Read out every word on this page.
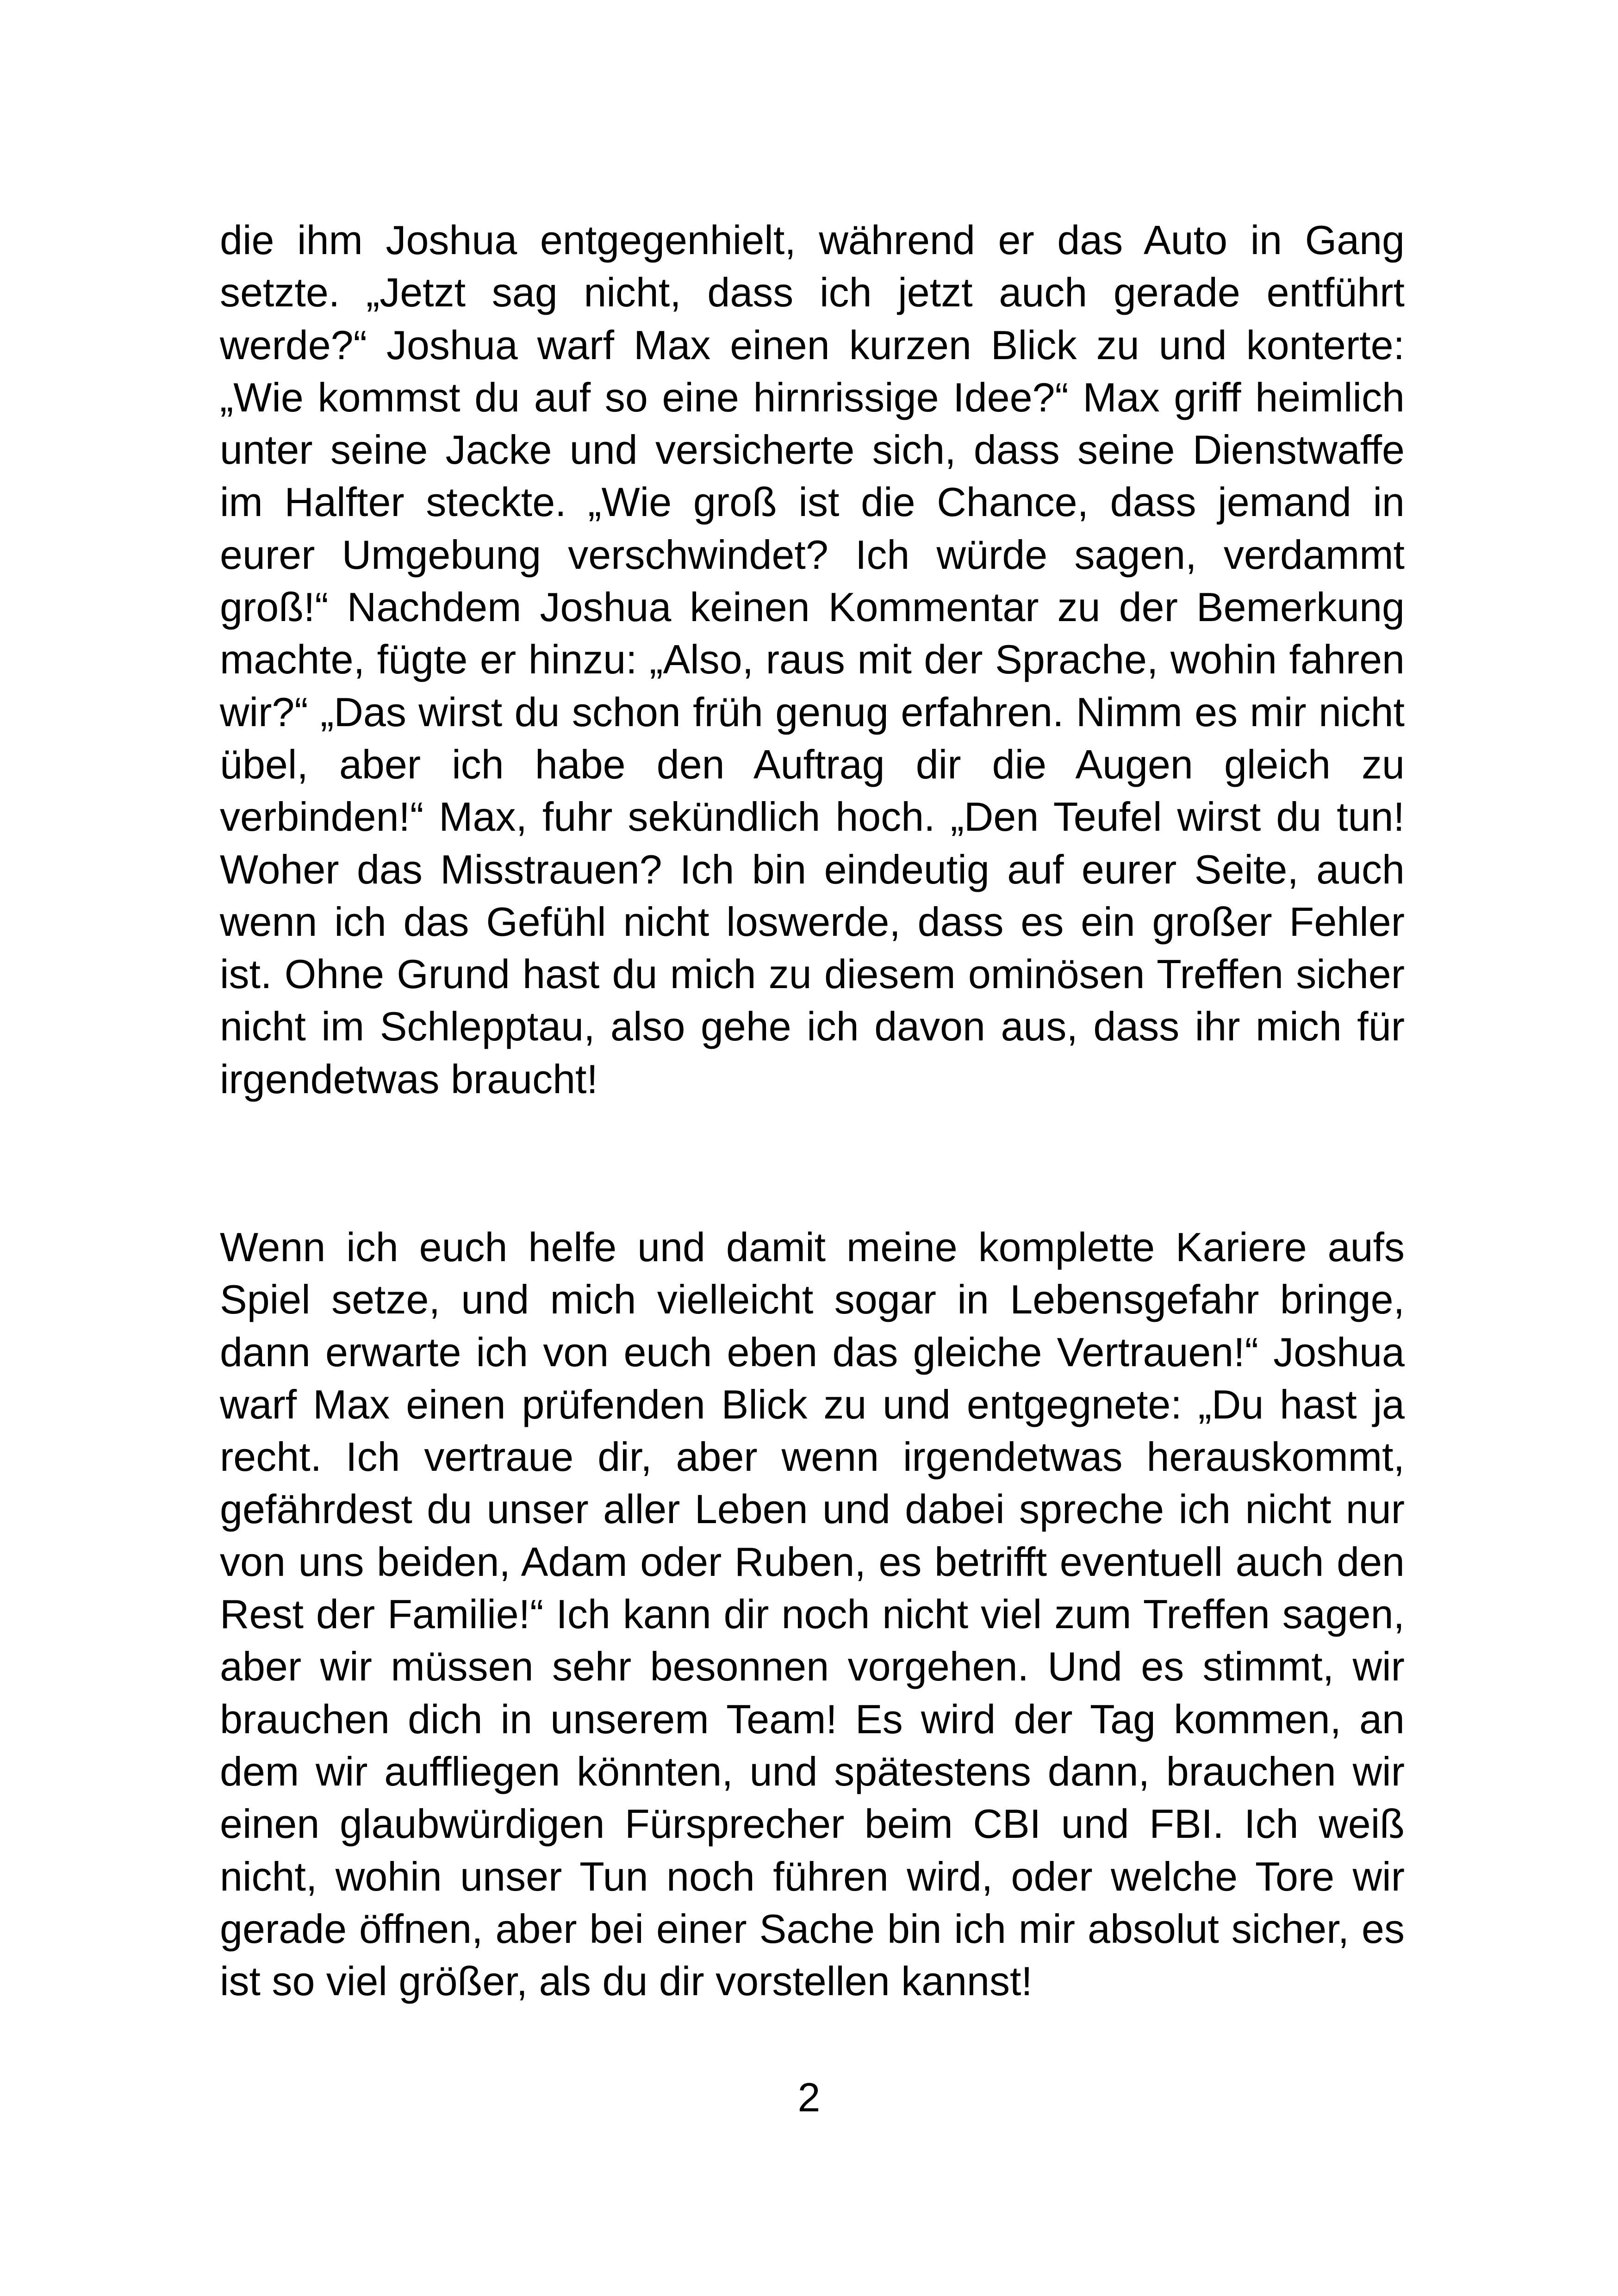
die ihm Joshua entgegenhielt, während er das Auto in Gang setzte. „Jetzt sag nicht, dass ich jetzt auch gerade entführt werde?“ Joshua warf Max einen kurzen Blick zu und konterte: „Wie kommst du auf so eine hirnrissige Idee?“ Max griff heimlich unter seine Jacke und versicherte sich, dass seine Dienstwaffe im Halfter steckte. „Wie groß ist die Chance, dass jemand in eurer Umgebung verschwindet? Ich würde sagen, verdammt groß!“ Nachdem Joshua keinen Kommentar zu der Bemerkung machte, fügte er hinzu: „Also, raus mit der Sprache, wohin fahren wir?“ „Das wirst du schon früh genug erfahren. Nimm es mir nicht übel, aber ich habe den Auftrag dir die Augen gleich zu verbinden!“ Max, fuhr sekündlich hoch. „Den Teufel wirst du tun! Woher das Misstrauen? Ich bin eindeutig auf eurer Seite, auch wenn ich das Gefühl nicht loswerde, dass es ein großer Fehler ist. Ohne Grund hast du mich zu diesem ominösen Treffen sicher nicht im Schlepptau, also gehe ich davon aus, dass ihr mich für irgendetwas braucht!

Wenn ich euch helfe und damit meine komplette Kariere aufs Spiel setze, und mich vielleicht sogar in Lebensgefahr bringe, dann erwarte ich von euch eben das gleiche Vertrauen!“ Joshua warf Max einen prüfenden Blick zu und entgegnete: „Du hast ja recht. Ich vertraue dir, aber wenn irgendetwas herauskommt, gefährdest du unser aller Leben und dabei spreche ich nicht nur von uns beiden, Adam oder Ruben, es betrifft eventuell auch den Rest der Familie!“ Ich kann dir noch nicht viel zum Treffen sagen, aber wir müssen sehr besonnen vorgehen. Und es stimmt, wir brauchen dich in unserem Team! Es wird der Tag kommen, an dem wir auffliegen könnten, und spätestens dann, brauchen wir einen glaubwürdigen Fürsprecher beim CBI und FBI. Ich weiß nicht, wohin unser Tun noch führen wird, oder welche Tore wir gerade öffnen, aber bei einer Sache bin ich mir absolut sicher, es ist so viel größer, als du dir vorstellen kannst!

2
